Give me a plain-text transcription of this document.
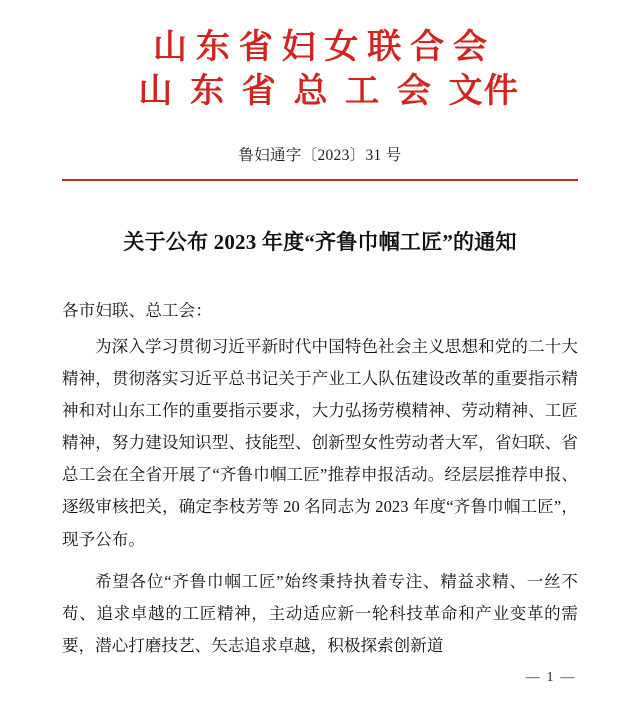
山东省妇女联合会
山东省总工会文件
鲁妇通字〔2023〕31 号
关于公布 2023 年度“齐鲁巾帼工匠”的通知
各市妇联、总工会：
为深入学习贯彻习近平新时代中国特色社会主义思想和党的二十大精神，贯彻落实习近平总书记关于产业工人队伍建设改革的重要指示精神和对山东工作的重要指示要求，大力弘扬劳模精神、劳动精神、工匠精神，努力建设知识型、技能型、创新型女性劳动者大军，省妇联、省总工会在全省开展了“齐鲁巾帼工匠”推荐申报活动。经层层推荐申报、逐级审核把关，确定李枝芳等 20 名同志为 2023 年度“齐鲁巾帼工匠”，现予公布。
希望各位“齐鲁巾帼工匠”始终秉持执着专注、精益求精、一丝不苟、追求卓越的工匠精神，主动适应新一轮科技革命和产业变革的需要，潜心打磨技艺、矢志追求卓越，积极探索创新道
— 1 —
